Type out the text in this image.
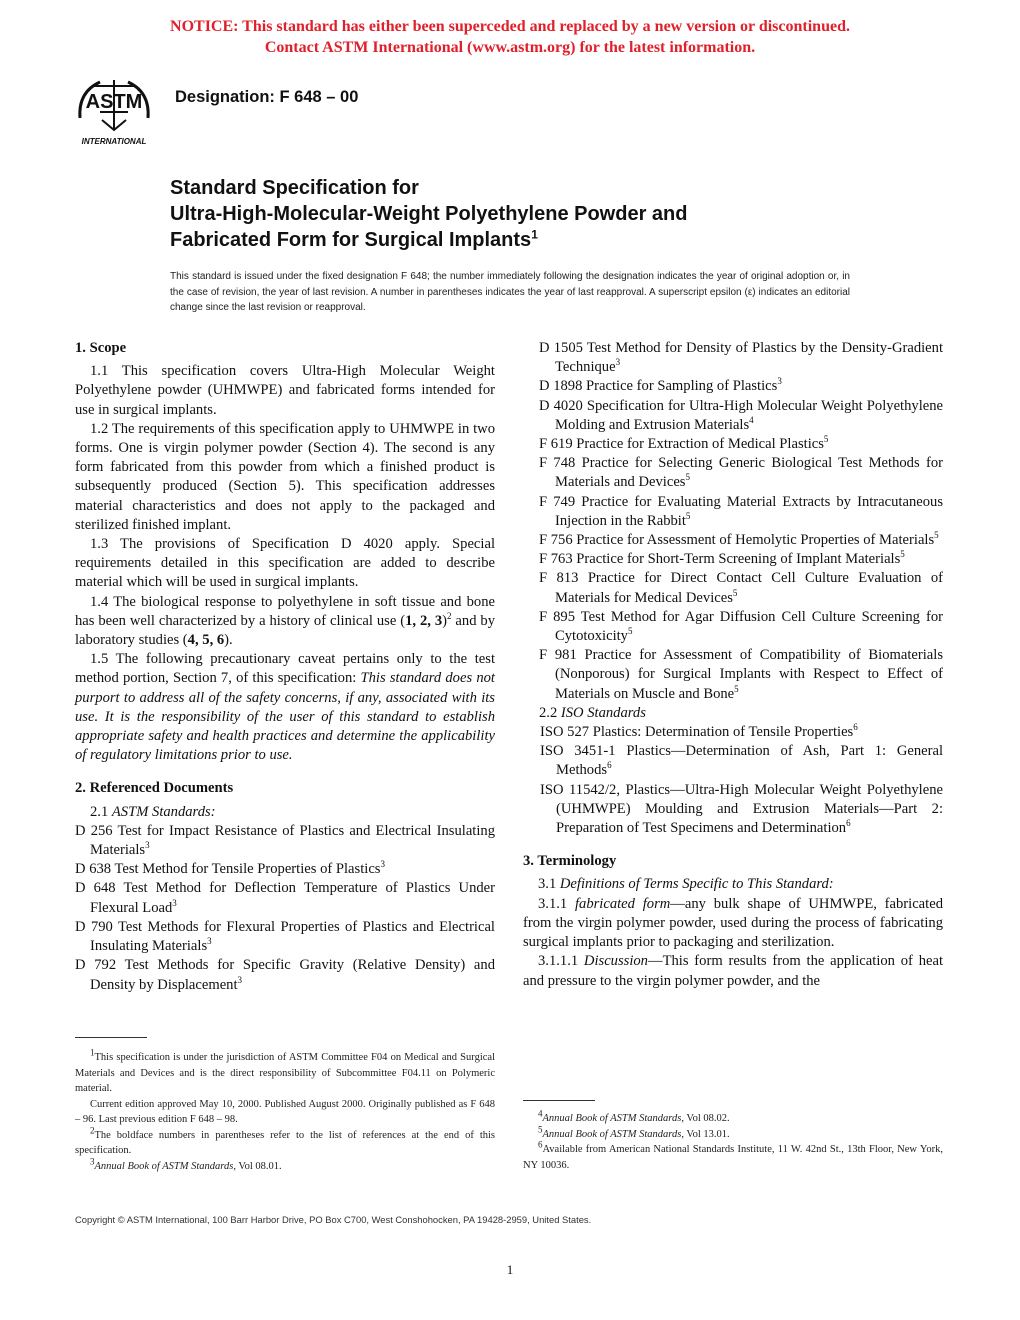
NOTICE: This standard has either been superceded and replaced by a new version or discontinued.
Contact ASTM International (www.astm.org) for the latest information.
ASTM
INTERNATIONAL
Designation: F 648 – 00
Standard Specification for
Ultra-High-Molecular-Weight Polyethylene Powder and
Fabricated Form for Surgical Implants$^1$
This standard is issued under the fixed designation F 648; the number immediately following the designation indicates the year of original adoption or, in the case of revision, the year of last revision. A number in parentheses indicates the year of last reapproval. A superscript epsilon (ε) indicates an editorial change since the last revision or reapproval.
1. Scope

1.1 This specification covers Ultra-High Molecular Weight Polyethylene powder (UHMWPE) and fabricated forms intended for use in surgical implants.

1.2 The requirements of this specification apply to UHMWPE in two forms. One is virgin polymer powder (Section 4). The second is any form fabricated from this powder from which a finished product is subsequently produced (Section 5). This specification addresses material characteristics and does not apply to the packaged and sterilized finished implant.

1.3 The provisions of Specification D 4020 apply. Special requirements detailed in this specification are added to describe material which will be used in surgical implants.

1.4 The biological response to polyethylene in soft tissue and bone has been well characterized by a history of clinical use (1, 2, 3)$^2$ and by laboratory studies (4, 5, 6).

1.5 The following precautionary caveat pertains only to the test method portion, Section 7, of this specification: This standard does not purport to address all of the safety concerns, if any, associated with its use. It is the responsibility of the user of this standard to establish appropriate safety and health practices and determine the applicability of regulatory limitations prior to use.

2. Referenced Documents

2.1 ASTM Standards:

D 256 Test for Impact Resistance of Plastics and Electrical Insulating Materials$^3$

D 638 Test Method for Tensile Properties of Plastics$^3$

D 648 Test Method for Deflection Temperature of Plastics Under Flexural Load$^3$

D 790 Test Methods for Flexural Properties of Plastics and Electrical Insulating Materials$^3$

D 792 Test Methods for Specific Gravity (Relative Density) and Density by Displacement$^3$

$^1$This specification is under the jurisdiction of ASTM Committee F04 on Medical and Surgical Materials and Devices and is the direct responsibility of Subcommittee F04.11 on Polymeric material.

Current edition approved May 10, 2000. Published August 2000. Originally published as F 648 – 96. Last previous edition F 648 – 98.

$^2$The boldface numbers in parentheses refer to the list of references at the end of this specification.

$^3$Annual Book of ASTM Standards, Vol 08.01.

D 1505 Test Method for Density of Plastics by the Density-Gradient Technique$^3$

D 1898 Practice for Sampling of Plastics$^3$

D 4020 Specification for Ultra-High Molecular Weight Polyethylene Molding and Extrusion Materials$^4$

F 619 Practice for Extraction of Medical Plastics$^5$

F 748 Practice for Selecting Generic Biological Test Methods for Materials and Devices$^5$

F 749 Practice for Evaluating Material Extracts by Intracutaneous Injection in the Rabbit$^5$

F 756 Practice for Assessment of Hemolytic Properties of Materials$^5$

F 763 Practice for Short-Term Screening of Implant Materials$^5$

F 813 Practice for Direct Contact Cell Culture Evaluation of Materials for Medical Devices$^5$

F 895 Test Method for Agar Diffusion Cell Culture Screening for Cytotoxicity$^5$

F 981 Practice for Assessment of Compatibility of Biomaterials (Nonporous) for Surgical Implants with Respect to Effect of Materials on Muscle and Bone$^5$

2.2 ISO Standards

ISO 527 Plastics: Determination of Tensile Properties$^6$

ISO 3451-1 Plastics—Determination of Ash, Part 1: General Methods$^6$

ISO 11542/2, Plastics—Ultra-High Molecular Weight Polyethylene (UHMWPE) Moulding and Extrusion Materials—Part 2: Preparation of Test Specimens and Determination$^6$

3. Terminology

3.1 Definitions of Terms Specific to This Standard:

3.1.1 fabricated form—any bulk shape of UHMWPE, fabricated from the virgin polymer powder, used during the process of fabricating surgical implants prior to packaging and sterilization.

3.1.1.1 Discussion—This form results from the application of heat and pressure to the virgin polymer powder, and the

$^4$Annual Book of ASTM Standards, Vol 08.02.

$^5$Annual Book of ASTM Standards, Vol 13.01.

$^6$Available from American National Standards Institute, 11 W. 42nd St., 13th Floor, New York, NY 10036.

Copyright © ASTM International, 100 Barr Harbor Drive, PO Box C700, West Conshohocken, PA 19428-2959, United States.
1
